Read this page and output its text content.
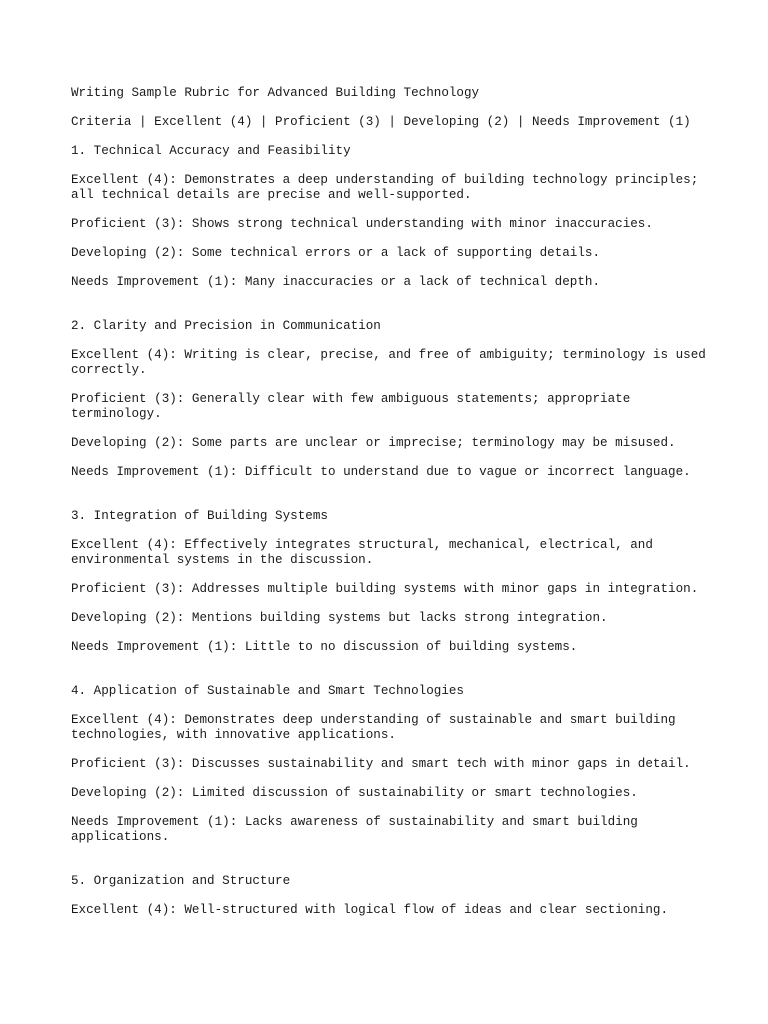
Writing Sample Rubric for Advanced Building Technology

Criteria | Excellent (4) | Proficient (3) | Developing (2) | Needs Improvement (1)

1. Technical Accuracy and Feasibility

Excellent (4): Demonstrates a deep understanding of building technology principles; all technical details are precise and well-supported.

Proficient (3): Shows strong technical understanding with minor inaccuracies.

Developing (2): Some technical errors or a lack of supporting details.

Needs Improvement (1): Many inaccuracies or a lack of technical depth.

2. Clarity and Precision in Communication

Excellent (4): Writing is clear, precise, and free of ambiguity; terminology is used correctly.

Proficient (3): Generally clear with few ambiguous statements; appropriate terminology.

Developing (2): Some parts are unclear or imprecise; terminology may be misused.

Needs Improvement (1): Difficult to understand due to vague or incorrect language.

3. Integration of Building Systems

Excellent (4): Effectively integrates structural, mechanical, electrical, and environmental systems in the discussion.

Proficient (3): Addresses multiple building systems with minor gaps in integration.

Developing (2): Mentions building systems but lacks strong integration.

Needs Improvement (1): Little to no discussion of building systems.

4. Application of Sustainable and Smart Technologies

Excellent (4): Demonstrates deep understanding of sustainable and smart building technologies, with innovative applications.

Proficient (3): Discusses sustainability and smart tech with minor gaps in detail.

Developing (2): Limited discussion of sustainability or smart technologies.

Needs Improvement (1): Lacks awareness of sustainability and smart building applications.

5. Organization and Structure

Excellent (4): Well-structured with logical flow of ideas and clear sectioning.
